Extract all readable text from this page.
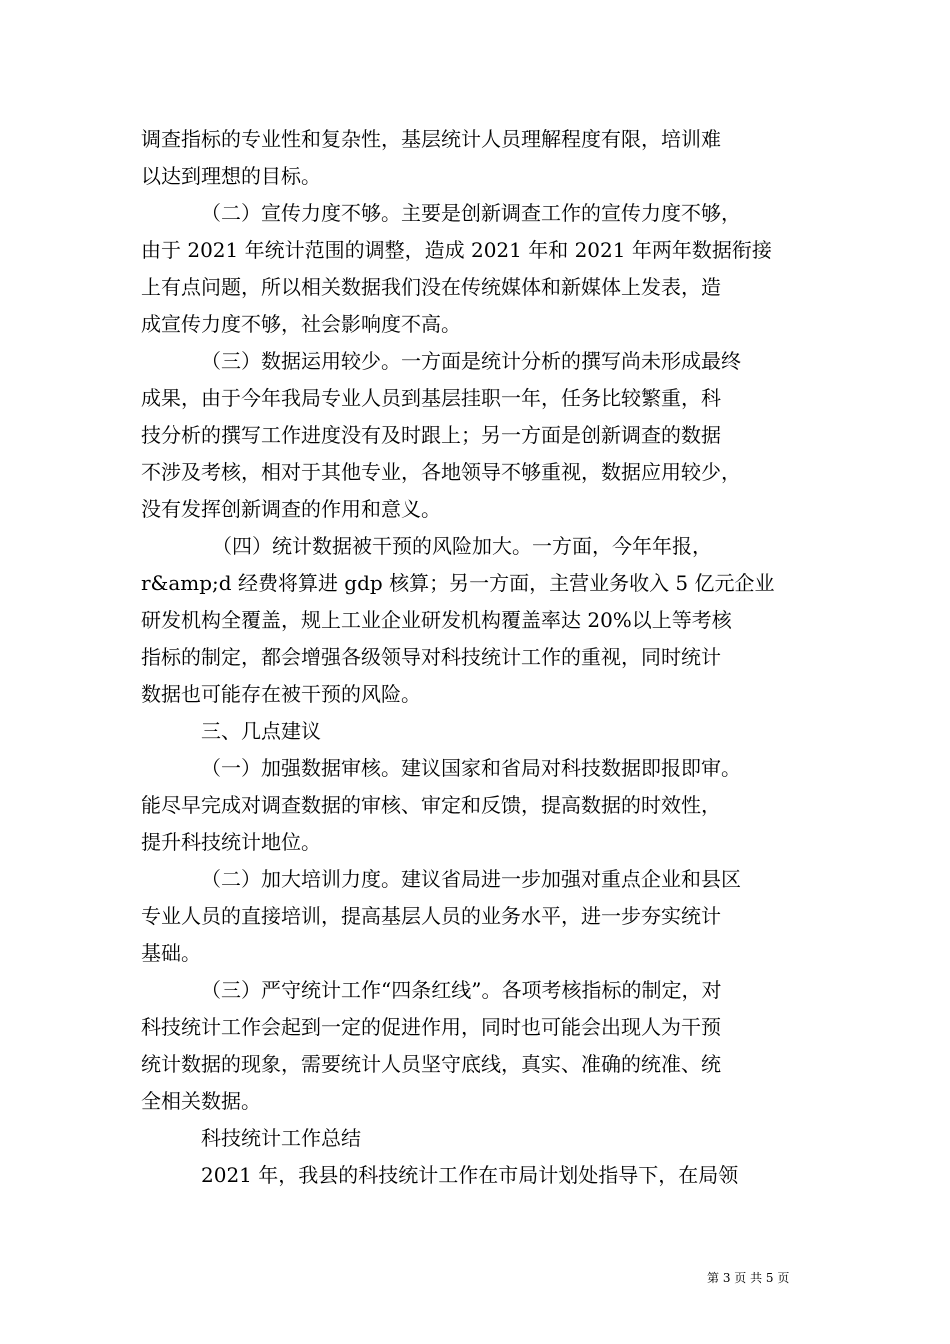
调查指标的专业性和复杂性，基层统计人员理解程度有限，培训难
以达到理想的目标。
（二）宣传力度不够。主要是创新调查工作的宣传力度不够，
由于 2021 年统计范围的调整，造成 2021 年和 2021 年两年数据衔接
上有点问题，所以相关数据我们没在传统媒体和新媒体上发表，造
成宣传力度不够，社会影响度不高。
（三）数据运用较少。一方面是统计分析的撰写尚未形成最终
成果，由于今年我局专业人员到基层挂职一年，任务比较繁重，科
技分析的撰写工作进度没有及时跟上；另一方面是创新调查的数据
不涉及考核，相对于其他专业，各地领导不够重视，数据应用较少，
没有发挥创新调查的作用和意义。
（四）统计数据被干预的风险加大。一方面，今年年报，
r&amp;d 经费将算进 gdp 核算；另一方面，主营业务收入 5 亿元企业
研发机构全覆盖，规上工业企业研发机构覆盖率达 20%以上等考核
指标的制定，都会增强各级领导对科技统计工作的重视，同时统计
数据也可能存在被干预的风险。
三、几点建议
（一）加强数据审核。建议国家和省局对科技数据即报即审。
能尽早完成对调查数据的审核、审定和反馈，提高数据的时效性，
提升科技统计地位。
（二）加大培训力度。建议省局进一步加强对重点企业和县区
专业人员的直接培训，提高基层人员的业务水平，进一步夯实统计
基础。
（三）严守统计工作“四条红线”。各项考核指标的制定，对
科技统计工作会起到一定的促进作用，同时也可能会出现人为干预
统计数据的现象，需要统计人员坚守底线，真实、准确的统准、统
全相关数据。
科技统计工作总结
2021 年，我县的科技统计工作在市局计划处指导下，在局领
第 3 页 共 5 页
